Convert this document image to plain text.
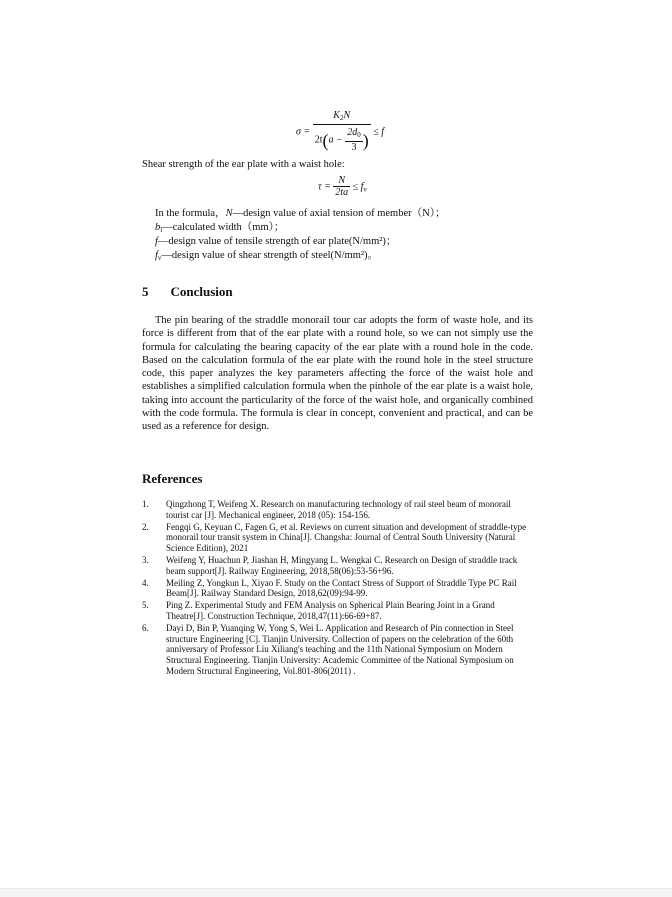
$\sigma = \frac{K_2N}{2t(a - \frac{2d_0}{3} )} \le f$
Shear strength of the ear plate with a waist hole:
$\tau = \frac{N}{2ta} \le f_v$
In the formula，N—design value of axial tension of member（N）；
$b_l—calculated$ width（mm）；
f—design value of tensile strength of ear plate(N/mm²)；
$f_v—design$ value of shear strength of steel(N/mm²)。
5 Conclusion

The pin bearing of the straddle monorail tour car adopts the form of waste hole, and its force is different from that of the ear plate with a round hole, so we can not simply use the formula for calculating the bearing capacity of the ear plate with a round hole in the code. Based on the calculation formula of the ear plate with the round hole in the steel structure code, this paper analyzes the key parameters affecting the force of the waist hole and establishes a simplified calculation formula when the pinhole of the ear plate is a waist hole, taking into account the particularity of the force of the waist hole, and organically combined with the code formula. The formula is clear in concept, convenient and practical, and can be used as a reference for design.

References
1. Qingzhong T, Weifeng X. Research on manufacturing technology of rail steel beam of monorail tourist car [J]. Mechanical engineer, 2018 (05): 154-156.
2. Fengqi G, Keyuan C, Fagen G, et al. Reviews on current situation and development of straddle-type monorail tour transit system in China[J]. Changsha: Journal of Central South University (Natural Science Edition), 2021
3. Weifeng Y, Huachun P, Jiashan H, Mingyang L. Wengkai C. Research on Design of straddle track beam support[J]. Railway Engineering, 2018,58(06):53-56+96.
4. Meiling Z, Yongkun L, Xiyao F. Study on the Contact Stress of Support of Straddle Type PC Rail Beam[J]. Railway Standard Design, 2018,62(09):94-99.
5. Ping Z. Experimental Study and FEM Analysis on Spherical Plain Bearing Joint in a Grand Theatre[J]. Construction Technique, 2018,47(11):66-69+87.
6. Dayi D, Bin P, Yuanqing W, Yong S, Wei L. Application and Research of Pin connection in Steel structure Engineering [C]. Tianjin University. Collection of papers on the celebration of the 60th anniversary of Professor Liu Xiliang's teaching and the 11th National Symposium on Modern Structural Engineering. Tianjin University: Academic Committee of the National Symposium on Modern Structural Engineering, Vol.801-806(2011) .
